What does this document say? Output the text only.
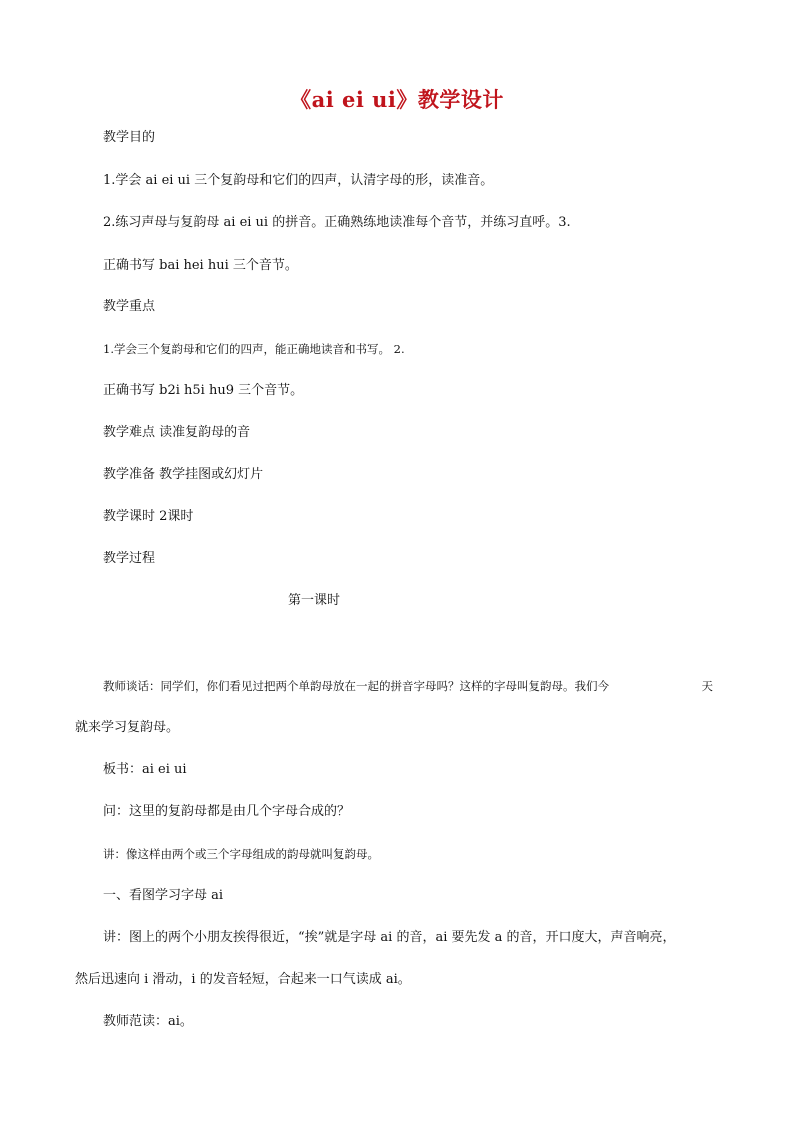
《ai ei ui》教学设计
教学目的
1.学会 ai ei ui 三个复韵母和它们的四声，认清字母的形，读准音。
2.练习声母与复韵母 ai ei ui 的拼音。正确熟练地读准每个音节，并练习直呼。3.
正确书写 bai hei hui 三个音节。
教学重点
1.学会三个复韵母和它们的四声，能正确地读音和书写。 2.
正确书写 b2i h5i hu9 三个音节。
教学难点 读准复韵母的音
教学准备 教学挂图或幻灯片
教学课时 2课时
教学过程
第一课时
教师谈话：同学们，你们看见过把两个单韵母放在一起的拼音字母吗？这样的字母叫复韵母。我们今	天
就来学习复韵母。
板书：ai ei ui
问：这里的复韵母都是由几个字母合成的？
讲：像这样由两个或三个字母组成的韵母就叫复韵母。
一、看图学习字母 ai
讲：图上的两个小朋友挨得很近，“挨”就是字母 ai 的音，ai 要先发 a 的音，开口度大，声音响亮，
然后迅速向 i 滑动，i 的发音轻短，合起来一口气读成 ai。
教师范读：ai。
